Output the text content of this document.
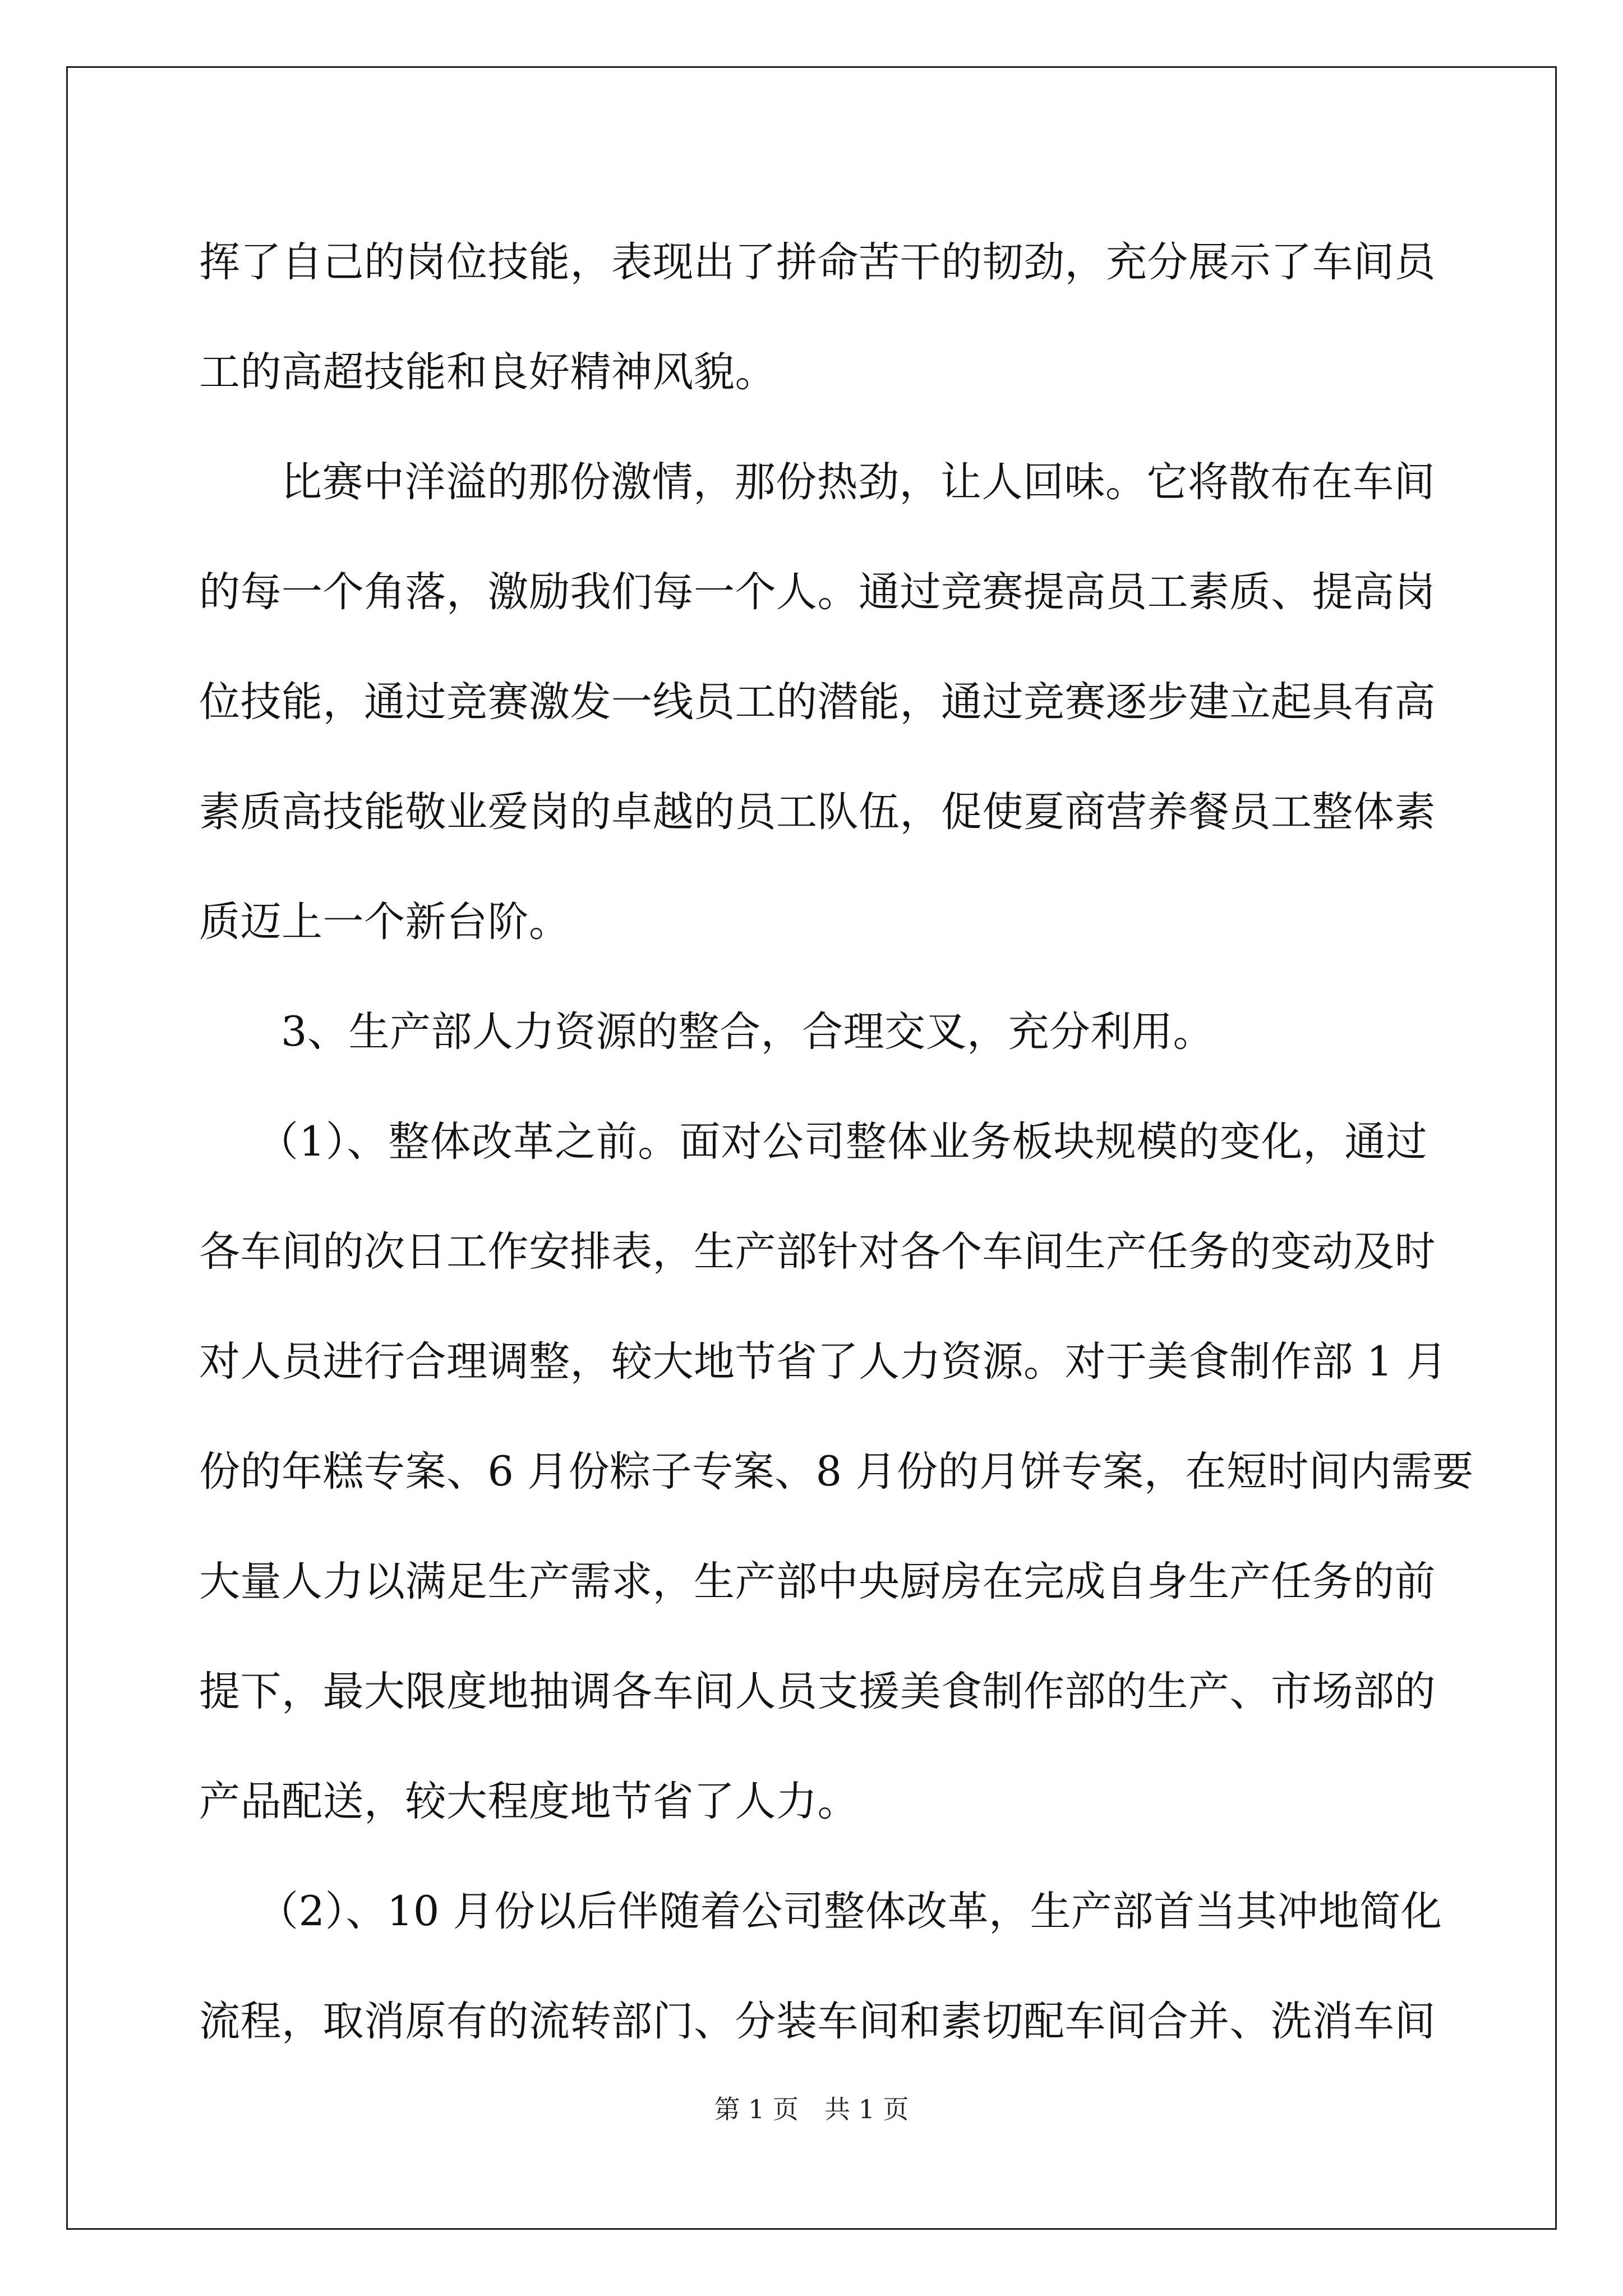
挥了自己的岗位技能，表现出了拼命苦干的韧劲，充分展示了车间员
工的高超技能和良好精神风貌。
比赛中洋溢的那份激情，那份热劲，让人回味。它将散布在车间
的每一个角落，激励我们每一个人。通过竞赛提高员工素质、提高岗
位技能，通过竞赛激发一线员工的潜能，通过竞赛逐步建立起具有高
素质高技能敬业爱岗的卓越的员工队伍，促使夏商营养餐员工整体素
质迈上一个新台阶。
3、生产部人力资源的整合，合理交叉，充分利用。
（1）、整体改革之前。面对公司整体业务板块规模的变化，通过
各车间的次日工作安排表，生产部针对各个车间生产任务的变动及时
对人员进行合理调整，较大地节省了人力资源。对于美食制作部 1 月
份的年糕专案、6 月份粽子专案、8 月份的月饼专案，在短时间内需要
大量人力以满足生产需求，生产部中央厨房在完成自身生产任务的前
提下，最大限度地抽调各车间人员支援美食制作部的生产、市场部的
产品配送，较大程度地节省了人力。
（2）、10 月份以后伴随着公司整体改革，生产部首当其冲地简化
流程，取消原有的流转部门、分装车间和素切配车间合并、洗消车间
第 1 页　共 1 页
